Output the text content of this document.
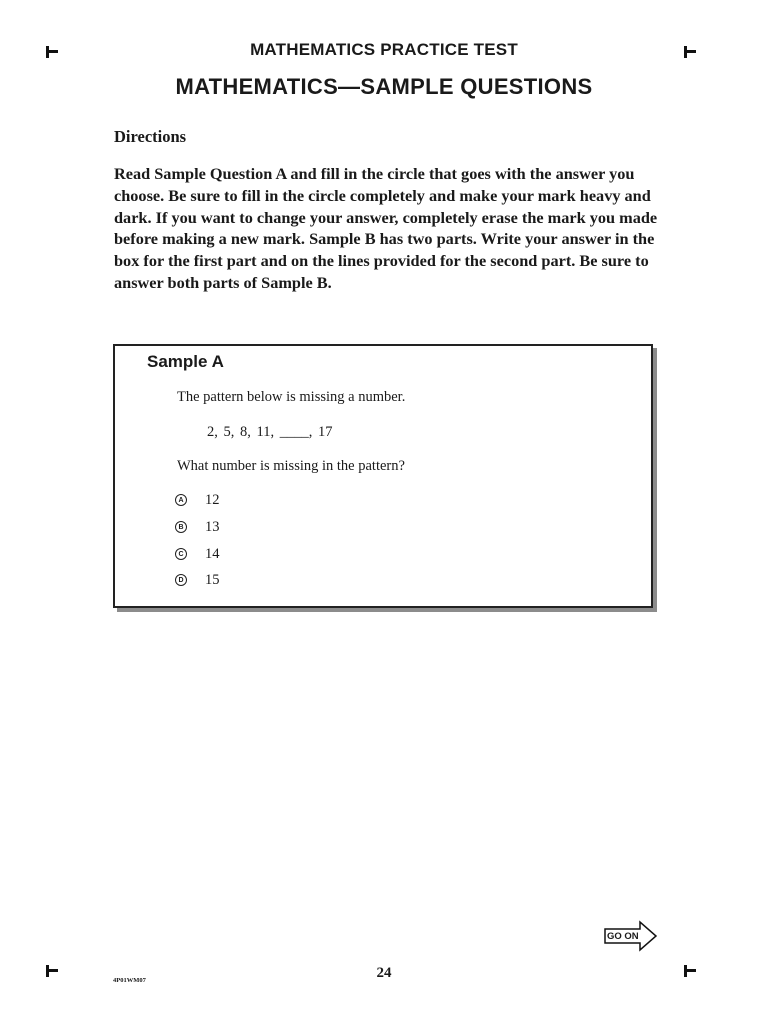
MATHEMATICS PRACTICE TEST
MATHEMATICS—SAMPLE QUESTIONS
Directions
Read Sample Question A and fill in the circle that goes with the answer you choose. Be sure to fill in the circle completely and make your mark heavy and dark. If you want to change your answer, completely erase the mark you made before making a new mark. Sample B has two parts. Write your answer in the box for the first part and on the lines provided for the second part. Be sure to answer both parts of Sample B.
Sample A
The pattern below is missing a number.
2, 5, 8, 11, ____, 17
What number is missing in the pattern?
A 12
B 13
C 14
D 15
GO ON
24
4P01WM07
